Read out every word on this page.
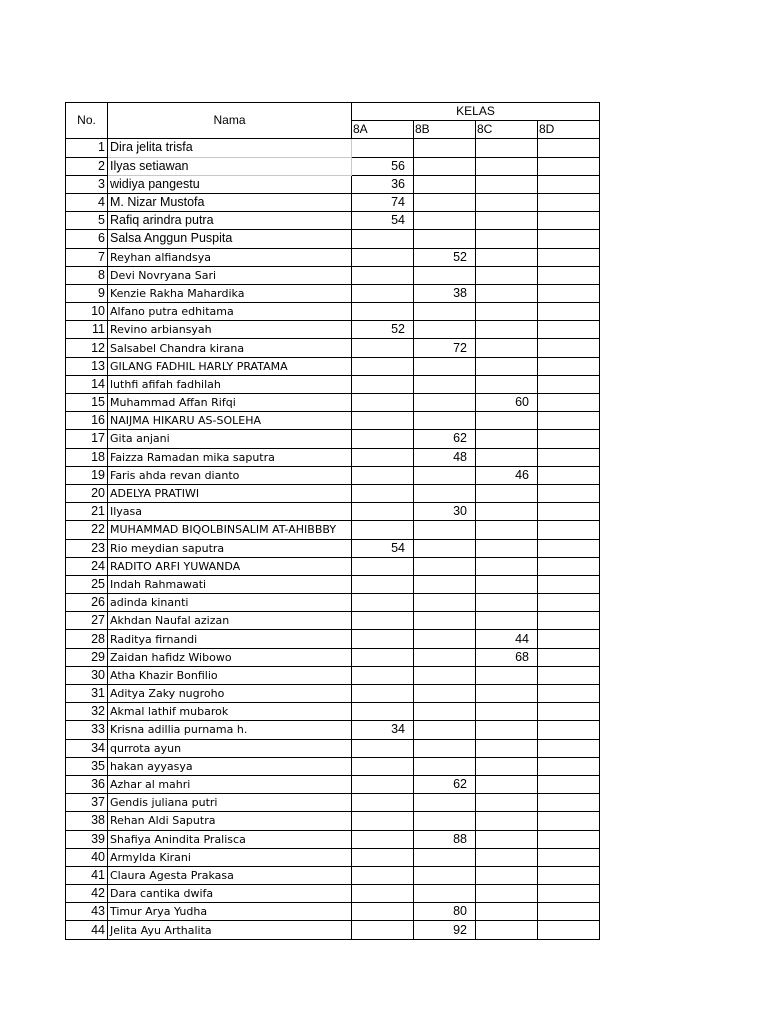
No.	Nama	KELAS			
		8A	8B	8C	8D
1	Dira jelita trisfa				
2	Ilyas setiawan	56			
3	widiya pangestu	36			
4	M. Nizar Mustofa	74			
5	Rafiq arindra putra	54			
6	Salsa Anggun Puspita				
7	Reyhan alfiandsya		52		
8	Devi Novryana Sari				
9	Kenzie Rakha Mahardika		38		
10	Alfano putra edhitama				
11	Revino arbiansyah	52			
12	Salsabel Chandra kirana		72		
13	GILANG FADHIL HARLY PRATAMA				
14	luthfi afifah fadhilah				
15	Muhammad Affan Rifqi			60	
16	NAIJMA HIKARU AS-SOLEHA				
17	Gita anjani		62		
18	Faizza Ramadan mika saputra		48		
19	Faris ahda revan dianto			46	
20	ADELYA PRATIWI				
21	Ilyasa		30		
22	MUHAMMAD BIQOLBINSALIM AT-AHIBBBY				
23	Rio meydian saputra	54			
24	RADITO ARFI YUWANDA				
25	Indah Rahmawati				
26	adinda kinanti				
27	Akhdan Naufal azizan				
28	Raditya firnandi			44	
29	Zaidan hafidz Wibowo			68	
30	Atha Khazir Bonfilio				
31	Aditya Zaky nugroho				
32	Akmal lathif mubarok				
33	Krisna adillia purnama h.	34			
34	qurrota ayun				
35	hakan ayyasya				
36	Azhar al mahri		62		
37	Gendis juliana putri				
38	Rehan Aldi Saputra				
39	Shafiya Anindita Pralisca		88		
40	Armylda Kirani				
41	Claura Agesta Prakasa				
42	Dara cantika dwifa				
43	Timur Arya Yudha		80		
44	Jelita Ayu Arthalita		92		
